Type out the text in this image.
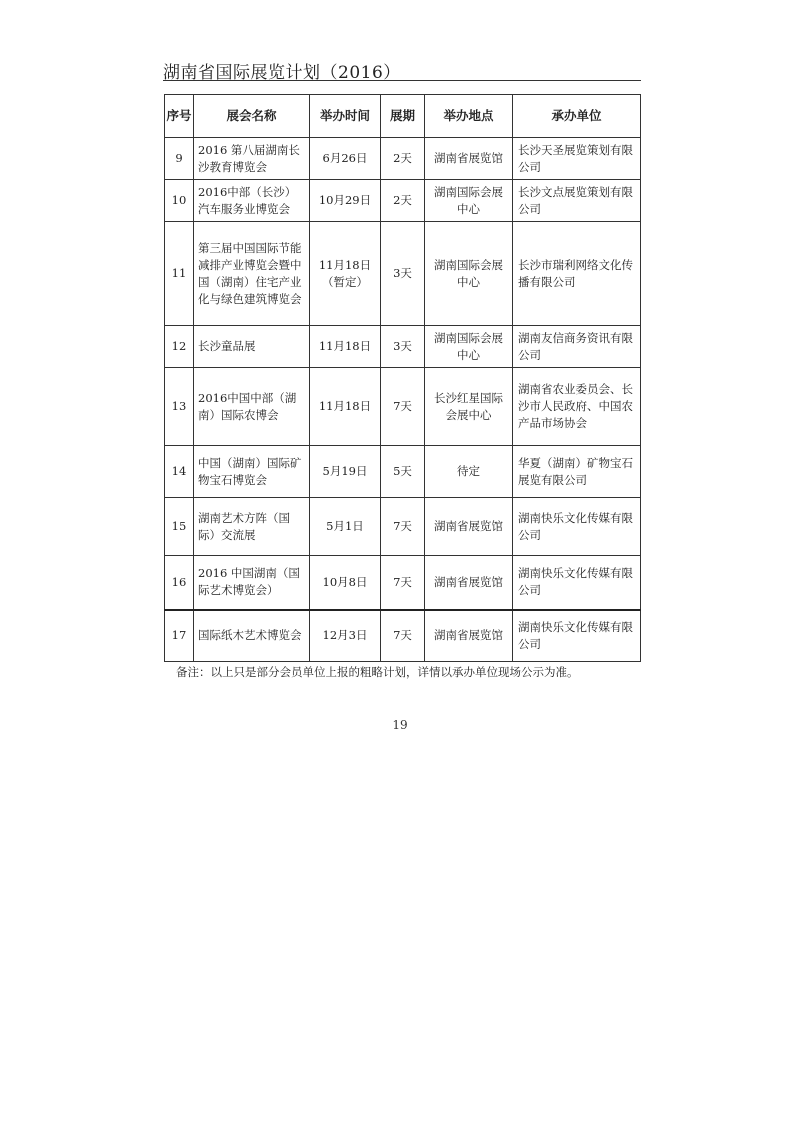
湖南省国际展览计划（2016）
序号	展会名称	举办时间	展期	举办地点	承办单位
9	2016 第八届湖南长沙教育博览会	6月26日	2天	湖南省展览馆	长沙天圣展览策划有限公司
10	2016中部（长沙）汽车服务业博览会	10月29日	2天	湖南国际会展中心	长沙文点展览策划有限公司
11	第三届中国国际节能减排产业博览会暨中国（湖南）住宅产业化与绿色建筑博览会	11月18日（暂定）	3天	湖南国际会展中心	长沙市瑞利网络文化传播有限公司
12	长沙童品展	11月18日	3天	湖南国际会展中心	湖南友信商务资讯有限公司
13	2016中国中部（湖南）国际农博会	11月18日	7天	长沙红星国际会展中心	湖南省农业委员会、长沙市人民政府、中国农产品市场协会
14	中国（湖南）国际矿物宝石博览会	5月19日	5天	待定	华夏（湖南）矿物宝石展览有限公司
15	湖南艺术方阵（国际）交流展	5月1日	7天	湖南省展览馆	湖南快乐文化传媒有限公司
16	2016 中国湖南（国际艺术博览会）	10月8日	7天	湖南省展览馆	湖南快乐文化传媒有限公司
17	国际纸木艺术博览会	12月3日	7天	湖南省展览馆	湖南快乐文化传媒有限公司
备注：以上只是部分会员单位上报的粗略计划，详情以承办单位现场公示为准。
19
